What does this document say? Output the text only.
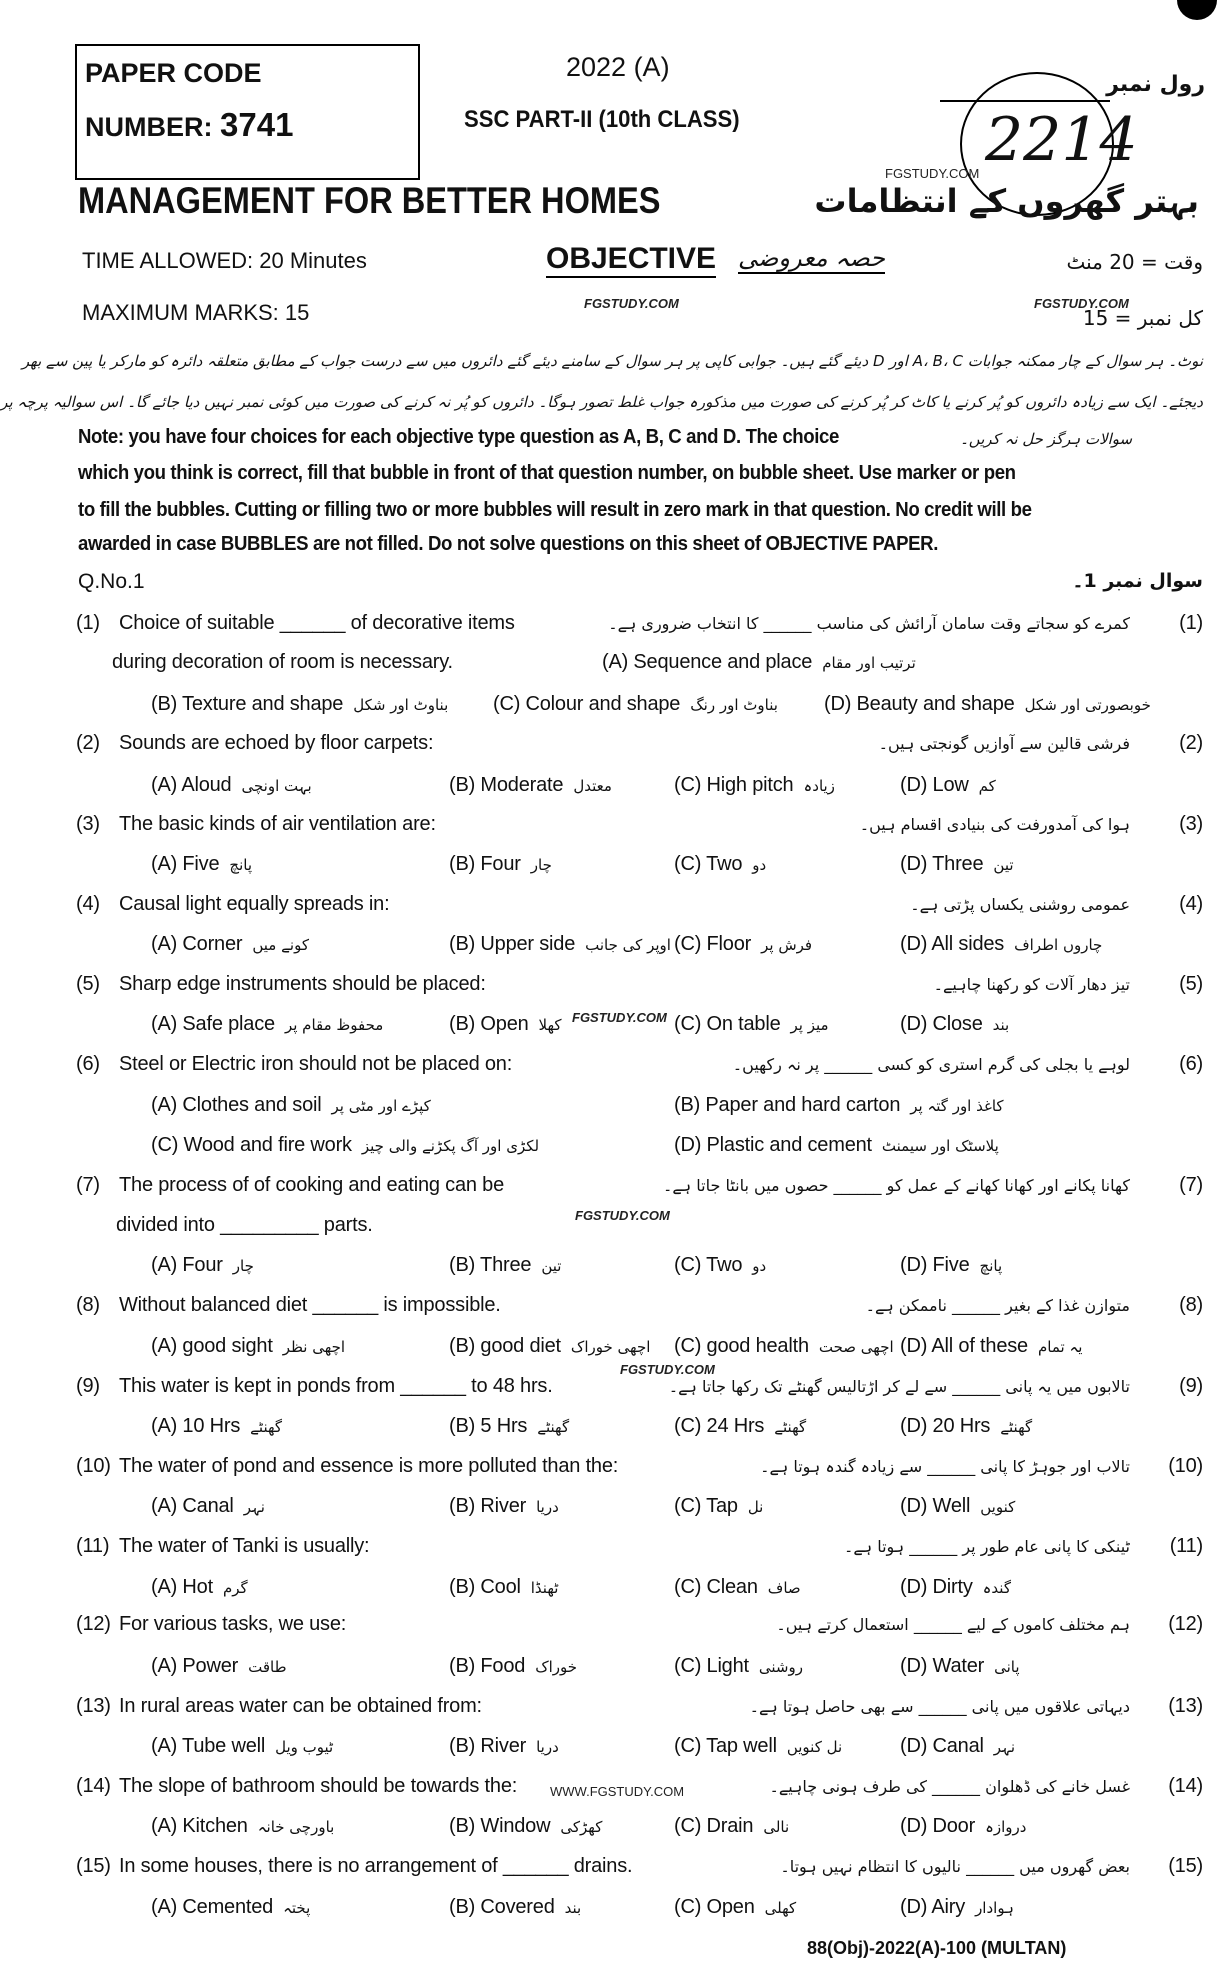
PAPER CODE
NUMBER: 3741
2022 (A)
SSC PART-II (10th CLASS)
رول نمبر
2214
FGSTUDY.COM
MANAGEMENT FOR BETTER HOMES	بہتر گھروں کے انتظامات
TIME ALLOWED: 20 Minutes	OBJECTIVE حصہ معروضی	وقت = 20 منٹ
MAXIMUM MARKS: 15	FGSTUDY.COM	FGSTUDY.COM
کل نمبر = 15
نوٹ۔ ہر سوال کے چار ممکنہ جوابات A، B، C اور D دیئے گئے ہیں۔ جوابی کاپی پر ہر سوال کے سامنے دیئے گئے دائروں میں سے درست جواب کے مطابق متعلقہ دائرہ کو مارکر یا پین سے بھر
دیجئے۔ ایک سے زیادہ دائروں کو پُر کرنے یا کاٹ کر پُر کرنے کی صورت میں مذکورہ جواب غلط تصور ہوگا۔ دائروں کو پُر نہ کرنے کی صورت میں کوئی نمبر نہیں دیا جائے گا۔ اس سوالیہ پرچہ پر
سوالات ہرگز حل نہ کریں۔
Note: you have four choices for each objective type question as A, B, C and D. The choice
which you think is correct, fill that bubble in front of that question number, on bubble sheet. Use marker or pen
to fill the bubbles. Cutting or filling two or more bubbles will result in zero mark in that question. No credit will be
awarded in case BUBBLES are not filled. Do not solve questions on this sheet of OBJECTIVE PAPER.
Q.No.1	سوال نمبر 1۔
(1) Choice of suitable ______ of decorative items	(1)
کمرے کو سجاتے وقت سامان آرائش کی مناسب ______ کا انتخاب ضروری ہے۔
during decoration of room is necessary.	(A) Sequence and place ترتیب اور مقام
(B) Texture and shape بناوٹ اور شکل (C) Colour and shape بناوٹ اور رنگ (D) Beauty and shape خوبصورتی اور شکل
(2) Sounds are echoed by floor carpets:	(2)
فرشی قالین سے آوازیں گونجتی ہیں۔
(A) Aloud بہت اونچی	(B) Moderate معتدل	(C) High pitch زیادہ	(D) Low کم
(3) The basic kinds of air ventilation are:	(3)
ہوا کی آمدورفت کی بنیادی اقسام ہیں۔
(A) Five پانچ	(B) Four چار	(C) Two دو	(D) Three تین
(4) Causal light equally spreads in:	(4)
عمومی روشنی یکساں پڑتی ہے۔
(A) Corner کونے میں	(B) Upper side اوپر کی جانب (C) Floor فرش پر	(D) All sides چاروں اطراف
(5) Sharp edge instruments should be placed:	(5)
تیز دھار آلات کو رکھنا چاہیے۔
(A) Safe place محفوظ مقام پر	(B) Open کھلا	(C) On table میز پر	(D) Close بند
(6) Steel or Electric iron should not be placed on:	(6)
لوہے یا بجلی کی گرم استری کو کسی ______ پر نہ رکھیں۔
(A) Clothes and soil کپڑے اور مٹی پر	(B) Paper and hard carton کاغذ اور گتہ پر
(C) Wood and fire work لکڑی اور آگ پکڑنے والی چیز	(D) Plastic and cement پلاسٹک اور سیمنٹ
(7) The process of of cooking and eating can be	(7)
کھانا پکانے اور کھانا کھانے کے عمل کو ______ حصوں میں بانٹا جاتا ہے۔
divided into _________ parts.
(A) Four چار	(B) Three تین	(C) Two دو	(D) Five پانچ
(8) Without balanced diet ______ is impossible.	(8)
متوازن غذا کے بغیر ______ ناممکن ہے۔
(A) good sight اچھی نظر	(B) good diet اچھی خوراک (C) good health اچھی صحت (D) All of these یہ تمام
(9) This water is kept in ponds from ______ to 48 hrs.	(9)
تالابوں میں یہ پانی ______ سے لے کر اڑتالیس گھنٹے تک رکھا جاتا ہے۔
(A) 10 Hrs گھنٹے	(B) 5 Hrs گھنٹے	(C) 24 Hrs گھنٹے	(D) 20 Hrs گھنٹے
(10) The water of pond and essence is more polluted than the:	(10)
تالاب اور جوہڑ کا پانی ______ سے زیادہ گندہ ہوتا ہے۔
(A) Canal نہر	(B) River دریا	(C) Tap نل	(D) Well کنویں
(11) The water of Tanki is usually:	(11)
ٹینکی کا پانی عام طور پر ______ ہوتا ہے۔
(A) Hot گرم	(B) Cool ٹھنڈا	(C) Clean صاف	(D) Dirty گندہ
(12) For various tasks, we use:	(12)
ہم مختلف کاموں کے لیے ______ استعمال کرتے ہیں۔
(A) Power طاقت	(B) Food خوراک	(C) Light روشنی	(D) Water پانی
(13) In rural areas water can be obtained from:	(13)
دیہاتی علاقوں میں پانی ______ سے بھی حاصل ہوتا ہے۔
(A) Tube well ٹیوب ویل	(B) River دریا	(C) Tap well نل کنویں	(D) Canal نہر
(14) The slope of bathroom should be towards the:	(14)
غسل خانے کی ڈھلوان ______ کی طرف ہونی چاہیے۔
(A) Kitchen باورچی خانہ	(B) Window کھڑکی	(C) Drain نالی	(D) Door دروازہ
(15) In some houses, there is no arrangement of ______ drains.	(15)
بعض گھروں میں ______ نالیوں کا انتظام نہیں ہوتا۔
(A) Cemented پختہ	(B) Covered بند	(C) Open کھلی	(D) Airy ہوادار
FGSTUDY.COM
FGSTUDY.COM
FGSTUDY.COM
WWW.FGSTUDY.COM
88(Obj)-2022(A)-100 (MULTAN)
